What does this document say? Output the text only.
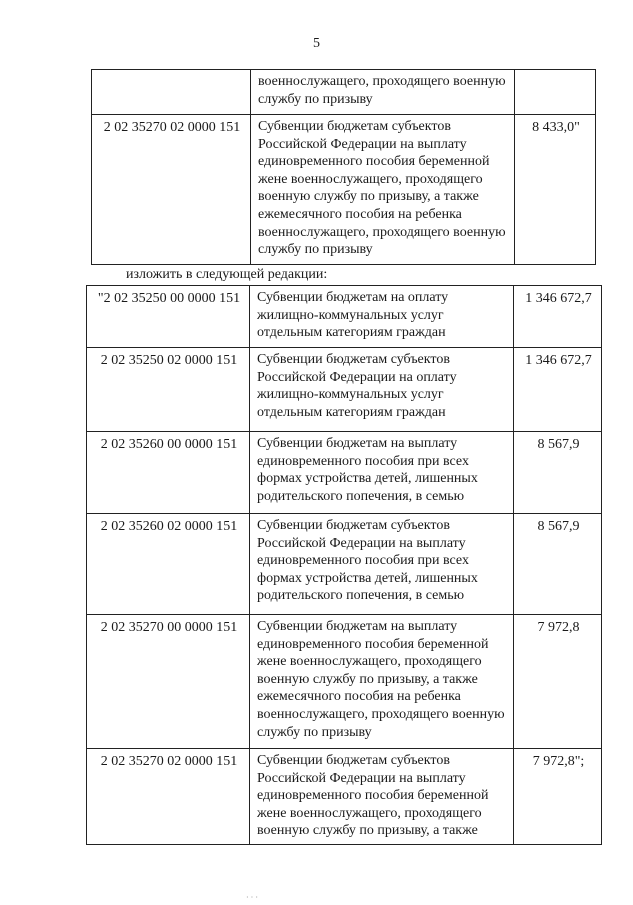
5
	военнослужащего, проходящего военную службу по призыву	
2 02 35270 02 0000 151	Субвенции бюджетам субъектов Российской Федерации на выплату единовременного пособия беременной жене военнослужащего, проходящего военную службу по призыву, а также ежемесячного пособия на ребенка военнослужащего, проходящего военную службу по призыву	8 433,0"
изложить в следующей редакции:
"2 02 35250 00 0000 151	Субвенции бюджетам на оплату жилищно-коммунальных услуг отдельным категориям граждан	1 346 672,7
2 02 35250 02 0000 151	Субвенции бюджетам субъектов Российской Федерации на оплату жилищно-коммунальных услуг отдельным категориям граждан	1 346 672,7
2 02 35260 00 0000 151	Субвенции бюджетам на выплату единовременного пособия при всех формах устройства детей, лишенных родительского попечения, в семью	8 567,9
2 02 35260 02 0000 151	Субвенции бюджетам субъектов Российской Федерации на выплату единовременного пособия при всех формах устройства детей, лишенных родительского попечения, в семью	8 567,9
2 02 35270 00 0000 151	Субвенции бюджетам на выплату единовременного пособия беременной жене военнослужащего, проходящего военную службу по призыву, а также ежемесячного пособия на ребенка военнослужащего, проходящего военную службу по призыву	7 972,8
2 02 35270 02 0000 151	Субвенции бюджетам субъектов Российской Федерации на выплату единовременного пособия беременной жене военнослужащего, проходящего военную службу по призыву, а также	7 972,8";
· · ·
